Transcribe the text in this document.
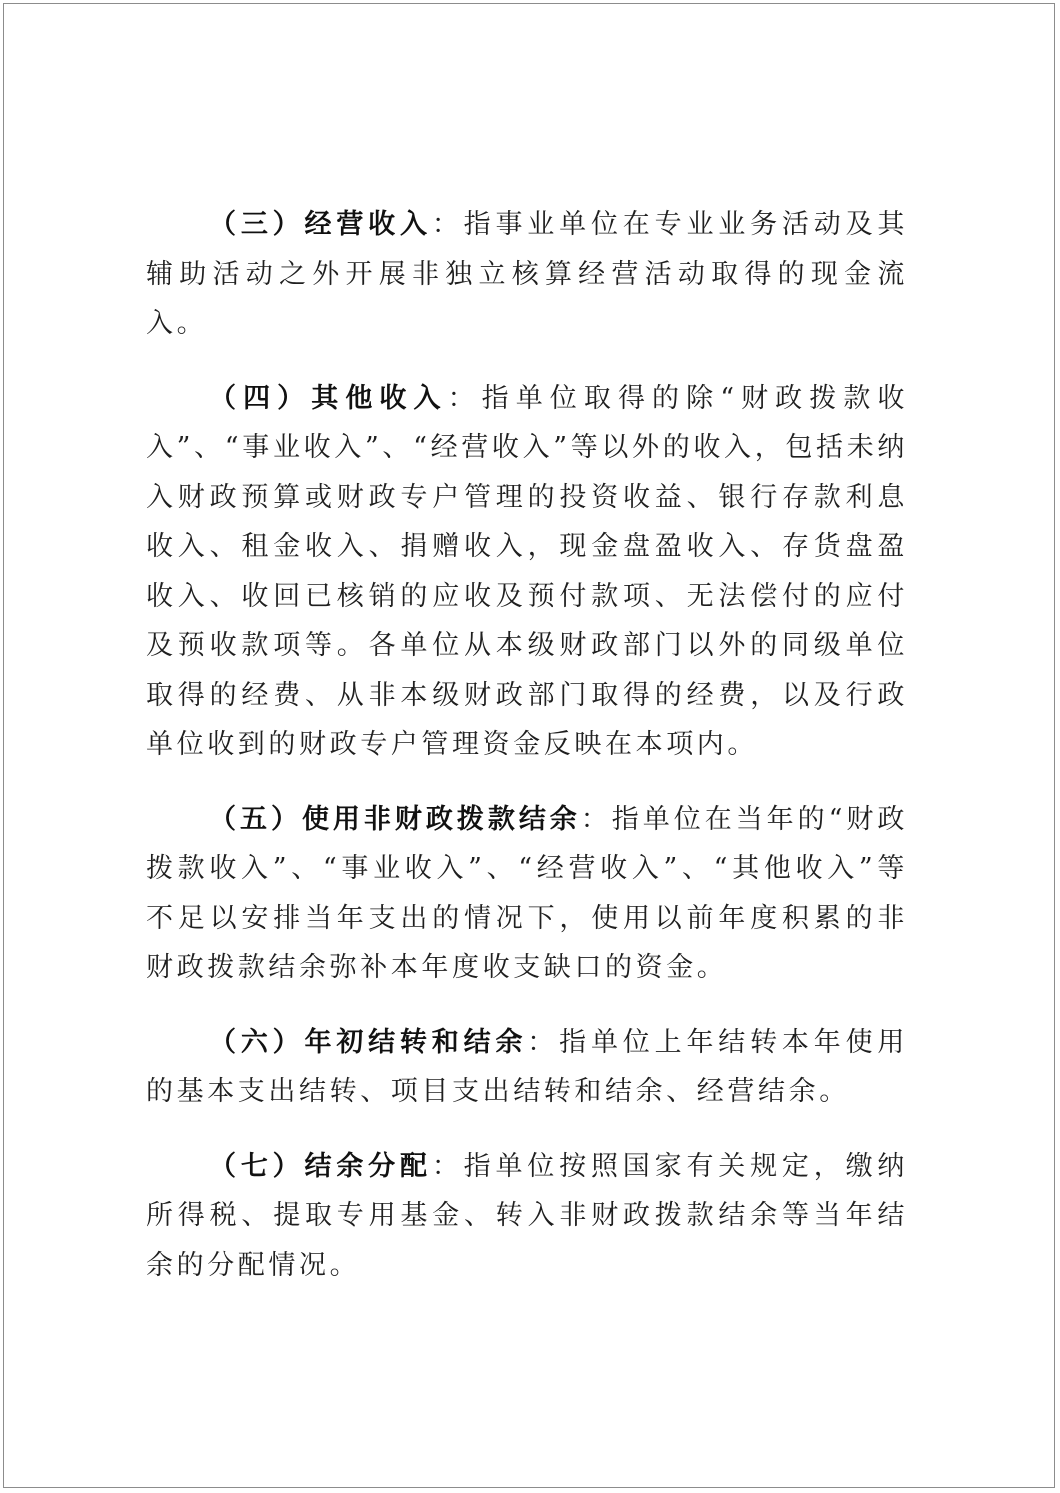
（三）经营收入：指事业单位在专业业务活动及其辅助活动之外开展非独立核算经营活动取得的现金流入。

（四）其他收入：指单位取得的除“财政拨款收入”、“事业收入”、“经营收入”等以外的收入，包括未纳入财政预算或财政专户管理的投资收益、银行存款利息收入、租金收入、捐赠收入，现金盘盈收入、存货盘盈收入、收回已核销的应收及预付款项、无法偿付的应付及预收款项等。各单位从本级财政部门以外的同级单位取得的经费、从非本级财政部门取得的经费，以及行政单位收到的财政专户管理资金反映在本项内。

（五）使用非财政拨款结余：指单位在当年的“财政拨款收入”、“事业收入”、“经营收入”、“其他收入”等不足以安排当年支出的情况下，使用以前年度积累的非财政拨款结余弥补本年度收支缺口的资金。

（六）年初结转和结余：指单位上年结转本年使用的基本支出结转、项目支出结转和结余、经营结余。

（七）结余分配：指单位按照国家有关规定，缴纳所得税、提取专用基金、转入非财政拨款结余等当年结余的分配情况。
